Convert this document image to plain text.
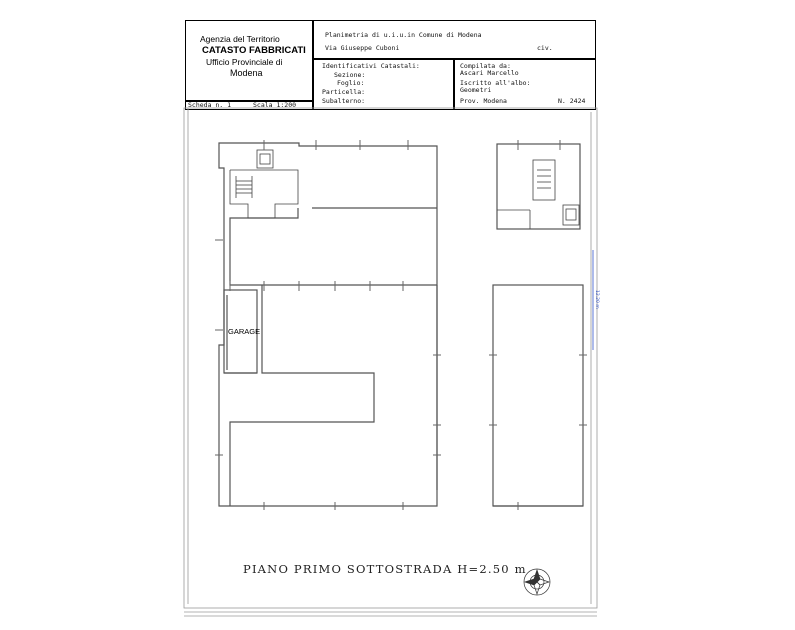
Agenzia del Territorio
CATASTO FABBRICATI
Ufficio Provinciale di
Modena
Planimetria di u.i.u.in Comune di Modena
Via Giuseppe Cuboni	civ.
Identificativi Catastali:
Sezione:
Foglio:
Particella:
Subalterno:
Compilata da:
Ascari Marcello
Iscritto all'albo:
Geometri
Prov. Modena	N. 2424
Scheda n. 1	Scala 1:200
12.20 m
GARAGE
PIANO PRIMO SOTTOSTRADA H=2.50 m
